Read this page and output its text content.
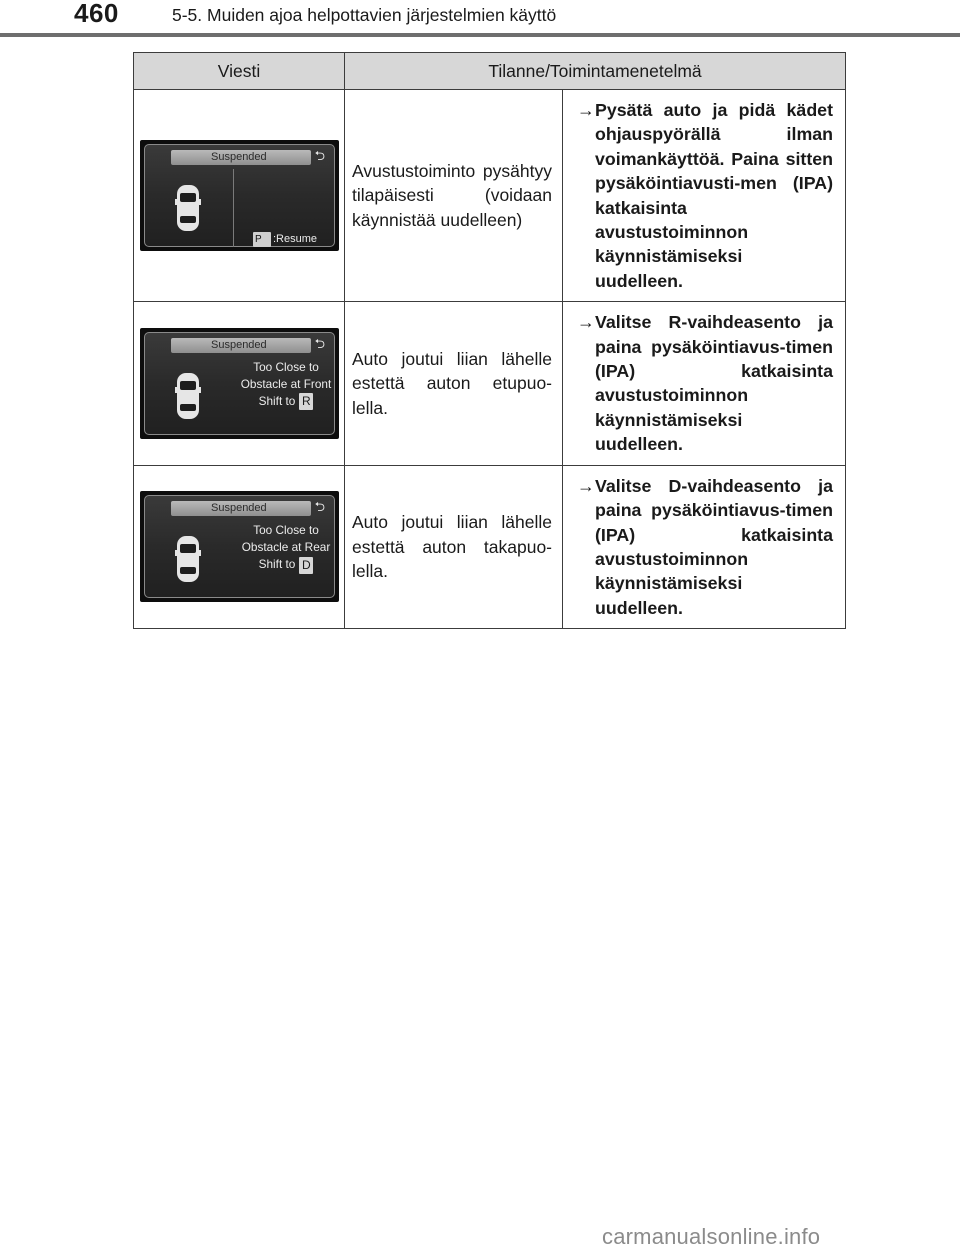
460	5-5. Muiden ajoa helpottavien järjestelmien käyttö
Viesti	Tilanne/Toimintamenetelmä	

Suspended ⮌
P :Resume	Avustustoiminto pysähtyy tilapäisesti (voidaan käynnistää uudelleen)	→Pysätä auto ja pidä kädet ohjauspyörällä ilman voimankäyttöä. Paina sitten pysäköintiavusti-men (IPA) katkaisinta avustustoiminnon käynnistämiseksi uudelleen.

Suspended ⮌
Too Close to
Obstacle at Front
Shift to R	Auto joutui liian lähelle estettä auton etupuo-lella.	→Valitse R-vaihdeasento ja paina pysäköintiavus-timen (IPA) katkaisinta avustustoiminnon käynnistämiseksi uudelleen.

Suspended ⮌
Too Close to
Obstacle at Rear
Shift to D	Auto joutui liian lähelle estettä auton takapuo-lella.	→Valitse D-vaihdeasento ja paina pysäköintiavus-timen (IPA) katkaisinta avustustoiminnon käynnistämiseksi uudelleen.
carmanualsonline.info
